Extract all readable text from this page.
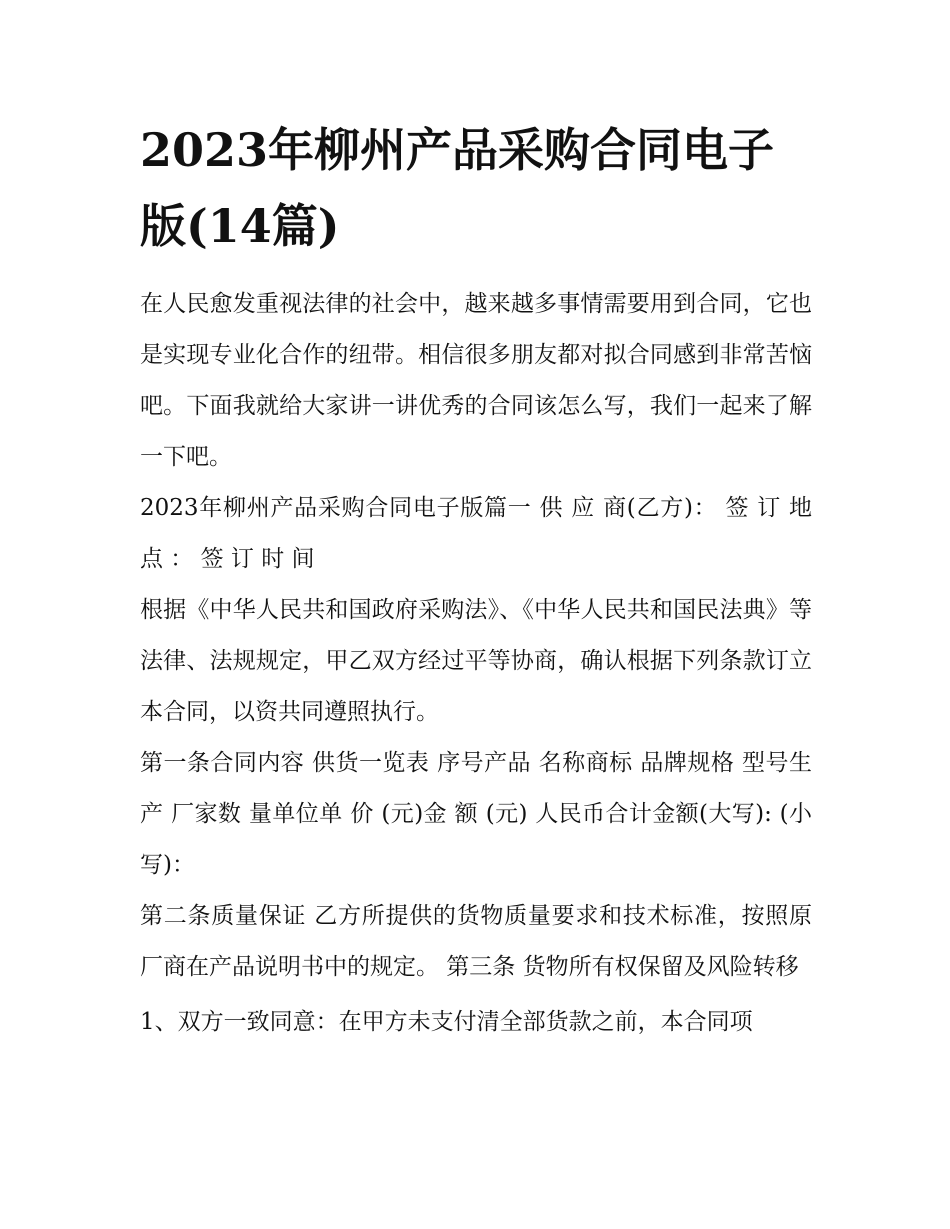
2023年柳州产品采购合同电子版(14篇)

在人民愈发重视法律的社会中，越来越多事情需要用到合同，它也是实现专业化合作的纽带。相信很多朋友都对拟合同感到非常苦恼吧。下面我就给大家讲一讲优秀的合同该怎么写，我们一起来了解一下吧。

2023年柳州产品采购合同电子版篇一 供 应 商(乙方)： 签 订 地 点 ： 签 订 时 间

根据《中华人民共和国政府采购法》、《中华人民共和国民法典》等法律、法规规定，甲乙双方经过平等协商，确认根据下列条款订立本合同，以资共同遵照执行。

第一条合同内容 供货一览表 序号产品 名称商标 品牌规格 型号生产 厂家数 量单位单 价 (元)金 额 (元) 人民币合计金额(大写): (小写)：

第二条质量保证 乙方所提供的货物质量要求和技术标准，按照原厂商在产品说明书中的规定。 第三条 货物所有权保留及风险转移

1、双方一致同意：在甲方未支付清全部货款之前，本合同项
